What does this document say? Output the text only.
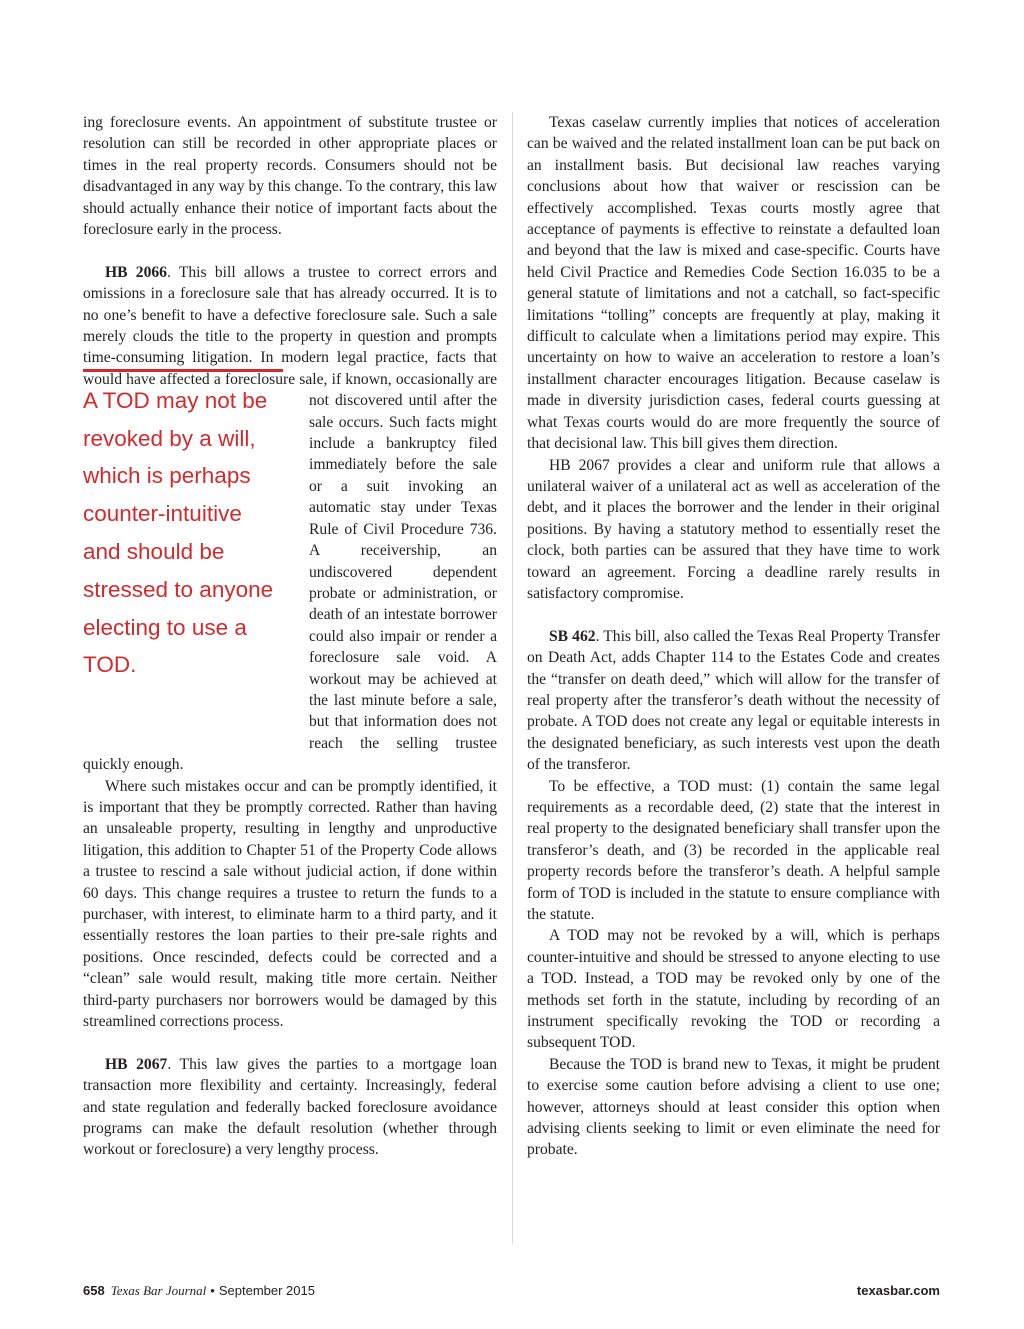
ing foreclosure events. An appointment of substitute trustee or resolution can still be recorded in other appropriate places or times in the real property records. Consumers should not be disadvantaged in any way by this change. To the contrary, this law should actually enhance their notice of important facts about the foreclosure early in the process.

HB 2066. This bill allows a trustee to correct errors and omissions in a foreclosure sale that has already occurred. It is to no one’s benefit to have a defective foreclosure sale. Such a sale merely clouds the title to the property in question and prompts time-consuming litigation. In modern legal practice, facts that would have
A TOD may not be revoked by a will, which is perhaps counter-intuitive and should be stressed to anyone electing to use a TOD.
affected a foreclosure sale, if known, occasionally are not discovered until after the sale occurs. Such facts might include a bankruptcy filed immediately before the sale or a suit invoking an automatic stay under Texas Rule of Civil Procedure 736. A receivership, an undiscovered dependent probate or administration, or death of an intestate borrower could also impair or render a foreclosure sale void. A workout may be achieved at the last minute before a sale, but that information does not reach the selling trustee quickly enough.

Where such mistakes occur and can be promptly identified, it is important that they be promptly corrected. Rather than having an unsaleable property, resulting in lengthy and unproductive litigation, this addition to Chapter 51 of the Property Code allows a trustee to rescind a sale without judicial action, if done within 60 days. This change requires a trustee to return the funds to a purchaser, with interest, to eliminate harm to a third party, and it essentially restores the loan parties to their pre-sale rights and positions. Once rescinded, defects could be corrected and a “clean” sale would result, making title more certain. Neither third-party purchasers nor borrowers would be damaged by this streamlined corrections process.

HB 2067. This law gives the parties to a mortgage loan transaction more flexibility and certainty. Increasingly, federal and state regulation and federally backed foreclosure avoidance programs can make the default resolution (whether through workout or foreclosure) a very lengthy process.

Texas caselaw currently implies that notices of acceleration can be waived and the related installment loan can be put back on an installment basis. But decisional law reaches varying conclusions about how that waiver or rescission can be effectively accomplished. Texas courts mostly agree that acceptance of payments is effective to reinstate a defaulted loan and beyond that the law is mixed and case-specific. Courts have held Civil Practice and Remedies Code Section 16.035 to be a general statute of limitations and not a catchall, so fact-specific limitations “tolling” concepts are frequently at play, making it difficult to calculate when a limitations period may expire. This uncertainty on how to waive an acceleration to restore a loan’s installment character encourages litigation. Because caselaw is made in diversity jurisdiction cases, federal courts guessing at what Texas courts would do are more frequently the source of that decisional law. This bill gives them direction.

HB 2067 provides a clear and uniform rule that allows a unilateral waiver of a unilateral act as well as acceleration of the debt, and it places the borrower and the lender in their original positions. By having a statutory method to essentially reset the clock, both parties can be assured that they have time to work toward an agreement. Forcing a deadline rarely results in satisfactory compromise.

SB 462. This bill, also called the Texas Real Property Transfer on Death Act, adds Chapter 114 to the Estates Code and creates the “transfer on death deed,” which will allow for the transfer of real property after the transferor’s death without the necessity of probate. A TOD does not create any legal or equitable interests in the designated beneficiary, as such interests vest upon the death of the transferor.

To be effective, a TOD must: (1) contain the same legal requirements as a recordable deed, (2) state that the interest in real property to the designated beneficiary shall transfer upon the transferor’s death, and (3) be recorded in the applicable real property records before the transferor’s death. A helpful sample form of TOD is included in the statute to ensure compliance with the statute.

A TOD may not be revoked by a will, which is perhaps counter-intuitive and should be stressed to anyone electing to use a TOD. Instead, a TOD may be revoked only by one of the methods set forth in the statute, including by recording of an instrument specifically revoking the TOD or recording a subsequent TOD.

Because the TOD is brand new to Texas, it might be prudent to exercise some caution before advising a client to use one; however, attorneys should at least consider this option when advising clients seeking to limit or even eliminate the need for probate.

658 Texas Bar Journal • September 2015	texasbar.com
